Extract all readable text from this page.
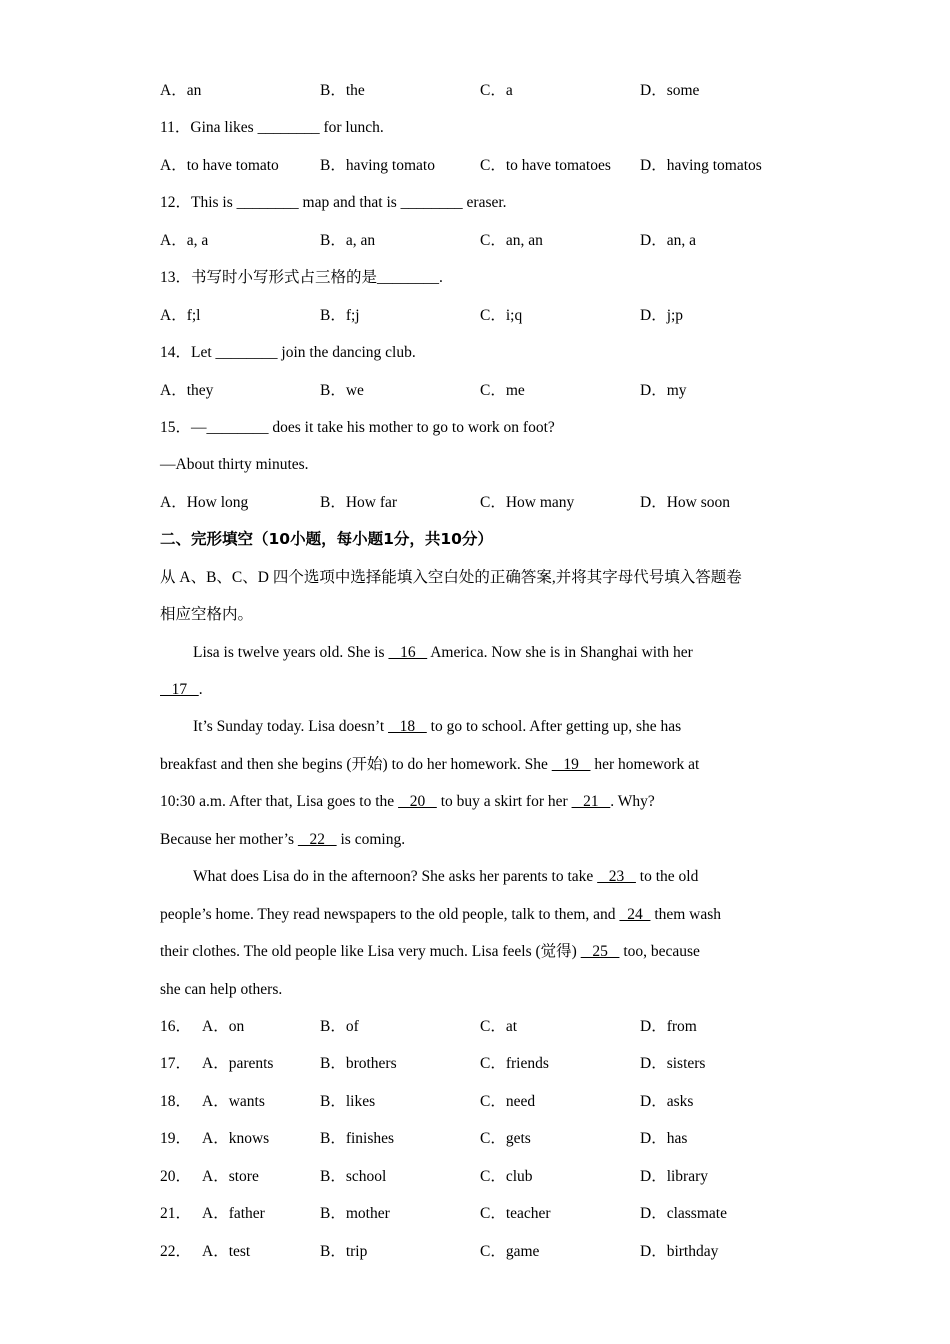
A．an	B．the	C．a	D．some
11．Gina likes ________ for lunch.
A．to have tomato	B．having tomato	C．to have tomatoes	D．having tomatos
12．This is ________ map and that is ________ eraser.
A．a, a	B．a, an	C．an, an	D．an, a
13．书写时小写形式占三格的是________.
A．f;l	B．f;j	C．i;q	D．j;p
14．Let ________ join the dancing club.
A．they	B．we	C．me	D．my
15．—________ does it take his mother to go to work on foot?
—About thirty minutes.
A．How long	B．How far	C．How many	D．How soon
二、完形填空（10小题，每小题1分，共10分）
从 A、B、C、D 四个选项中选择能填入空白处的正确答案,并将其字母代号填入答题卷
相应空格内。
Lisa is twelve years old. She is    16    America. Now she is in Shanghai with her
17   .
It’s Sunday today. Lisa doesn’t    18    to go to school. After getting up, she has
breakfast and then she begins (开始) to do her homework. She    19    her homework at
10:30 a.m. After that, Lisa goes to the    20    to buy a skirt for her    21   . Why?
Because her mother’s    22    is coming.
What does Lisa do in the afternoon? She asks her parents to take    23    to the old
people’s home. They read newspapers to the old people, talk to them, and   24   them wash
their clothes. The old people like Lisa very much. Lisa feels (觉得)    25    too, because
she can help others.
16． A．on	B．of	C．at	D．from
17． A．parents	B．brothers	C．friends	D．sisters
18． A．wants	B．likes	C．need	D．asks
19． A．knows	B．finishes	C．gets	D．has
20． A．store	B．school	C．club	D．library
21． A．father	B．mother	C．teacher	D．classmate
22． A．test	B．trip	C．game	D．birthday
